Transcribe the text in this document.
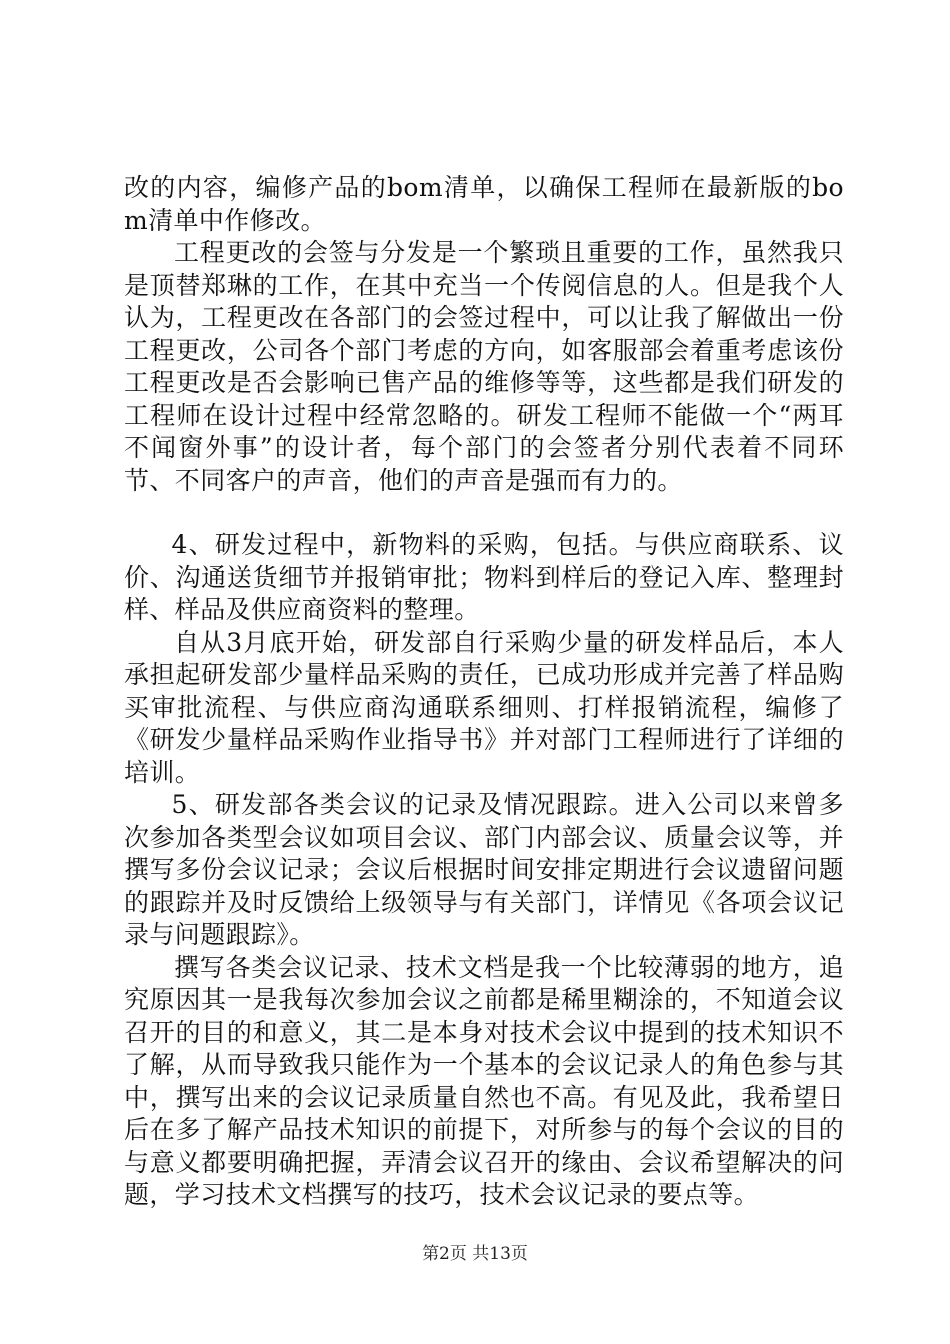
改的内容，编修产品的bom清单，以确保工程师在最新版的bom清单中作修改。

工程更改的会签与分发是一个繁琐且重要的工作，虽然我只是顶替郑琳的工作，在其中充当一个传阅信息的人。但是我个人认为，工程更改在各部门的会签过程中，可以让我了解做出一份工程更改，公司各个部门考虑的方向，如客服部会着重考虑该份工程更改是否会影响已售产品的维修等等，这些都是我们研发的工程师在设计过程中经常忽略的。研发工程师不能做一个“两耳不闻窗外事”的设计者，每个部门的会签者分别代表着不同环节、不同客户的声音，他们的声音是强而有力的。

4、研发过程中，新物料的采购，包括。与供应商联系、议价、沟通送货细节并报销审批；物料到样后的登记入库、整理封样、样品及供应商资料的整理。

自从3月底开始，研发部自行采购少量的研发样品后，本人承担起研发部少量样品采购的责任，已成功形成并完善了样品购买审批流程、与供应商沟通联系细则、打样报销流程，编修了《研发少量样品采购作业指导书》并对部门工程师进行了详细的培训。

5、研发部各类会议的记录及情况跟踪。进入公司以来曾多次参加各类型会议如项目会议、部门内部会议、质量会议等，并撰写多份会议记录；会议后根据时间安排定期进行会议遗留问题的跟踪并及时反馈给上级领导与有关部门，详情见《各项会议记录与问题跟踪》。

撰写各类会议记录、技术文档是我一个比较薄弱的地方，追究原因其一是我每次参加会议之前都是稀里糊涂的，不知道会议召开的目的和意义，其二是本身对技术会议中提到的技术知识不了解，从而导致我只能作为一个基本的会议记录人的角色参与其中，撰写出来的会议记录质量自然也不高。有见及此，我希望日后在多了解产品技术知识的前提下，对所参与的每个会议的目的与意义都要明确把握，弄清会议召开的缘由、会议希望解决的问题，学习技术文档撰写的技巧，技术会议记录的要点等。

第2页 共13页
